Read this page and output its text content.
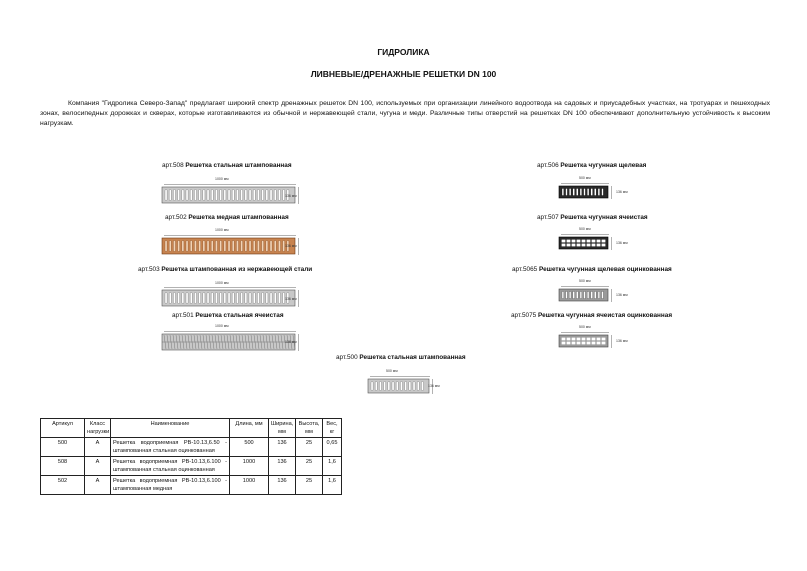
ГИДРОЛИКА
ЛИВНЕВЫЕ/ДРЕНАЖНЫЕ РЕШЕТКИ DN 100
Компания "Гидролика Северо-Запад" предлагает широкий спектр дренажных решеток DN 100, используемых при организации линейного водоотвода на садовых и приусадебных участках, на тротуарах и пешеходных зонах, велосипедных дорожках и скверах, которые изготавливаются из обычной и нержавеющей стали, чугуна и меди. Различные типы отверстий на решетках DN 100 обеспечивают дополнительную устойчивость к высоким нагрузкам.
арт.508 Решетка стальная штампованная
1000 мм
136 мм
арт.502 Решетка медная штампованная
1000 мм
136 мм
арт.503 Решетка штампованная из нержавеющей стали
1000 мм
136 мм
арт.501 Решетка стальная ячеистая
1000 мм
136 мм
арт.500 Решетка стальная штампованная
500 мм
136 мм
арт.506 Решетка чугунная щелевая
500 мм
136 мм
арт.507 Решетка чугунная ячеистая
500 мм
136 мм
арт.5065 Решетка чугунная щелевая оцинкованная
500 мм
136 мм
арт.5075 Решетка чугунная ячеистая оцинкованная
500 мм
136 мм
Артикул	Класс нагрузки	Наименование	Длина, мм	Ширина, мм	Высота, мм	Вес, кг
500	A	Решетка водоприемная РВ-10.13,6.50 - штампованная стальная оцинкованная	500	136	25	0,65
508	A	Решетка водоприемная РВ-10.13,6.100 - штампованная стальная оцинкованная	1000	136	25	1,6
502	A	Решетка водоприемная РВ-10.13,6.100 - штампованная медная	1000	136	25	1,6
